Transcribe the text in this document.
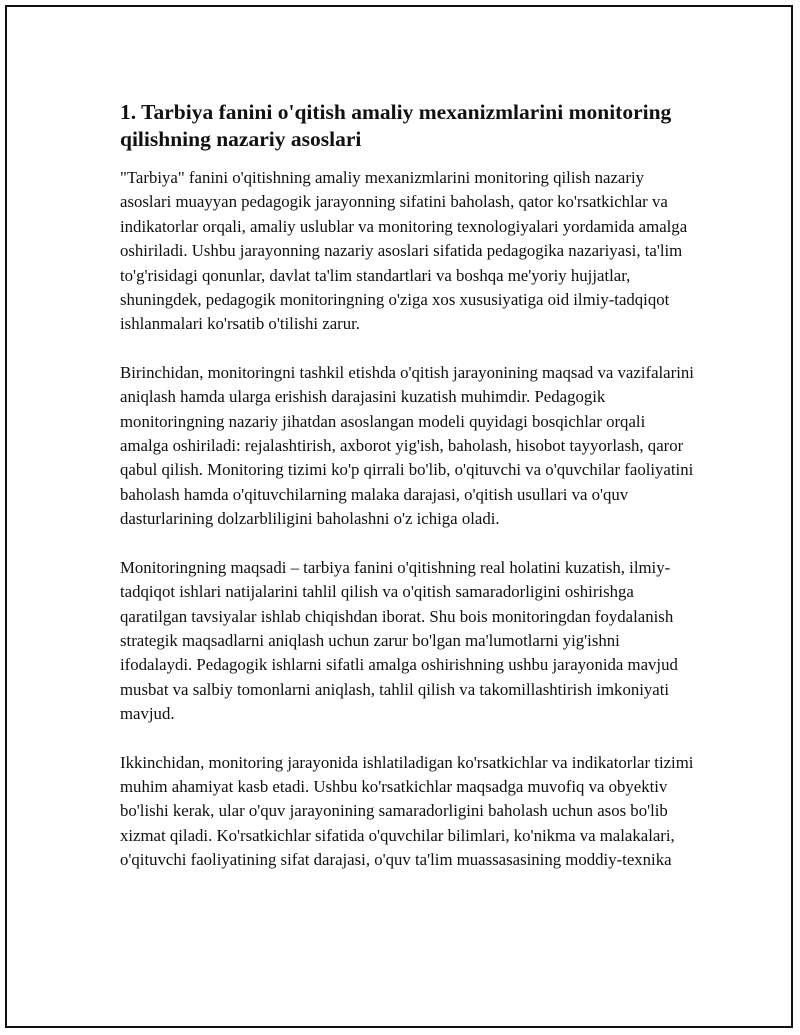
1. Tarbiya fanini o'qitish amaliy mexanizmlarini monitoring qilishning nazariy asoslari

"Tarbiya" fanini o'qitishning amaliy mexanizmlarini monitoring qilish nazariy asoslari muayyan pedagogik jarayonning sifatini baholash, qator ko'rsatkichlar va indikatorlar orqali, amaliy uslublar va monitoring texnologiyalari yordamida amalga oshiriladi. Ushbu jarayonning nazariy asoslari sifatida pedagogika nazariyasi, ta'lim to'g'risidagi qonunlar, davlat ta'lim standartlari va boshqa me'yoriy hujjatlar, shuningdek, pedagogik monitoringning o'ziga xos xususiyatiga oid ilmiy-tadqiqot ishlanmalari ko'rsatib o'tilishi zarur.

Birinchidan, monitoringni tashkil etishda o'qitish jarayonining maqsad va vazifalarini aniqlash hamda ularga erishish darajasini kuzatish muhimdir. Pedagogik monitoringning nazariy jihatdan asoslangan modeli quyidagi bosqichlar orqali amalga oshiriladi: rejalashtirish, axborot yig'ish, baholash, hisobot tayyorlash, qaror qabul qilish. Monitoring tizimi ko'p qirrali bo'lib, o'qituvchi va o'quvchilar faoliyatini baholash hamda o'qituvchilarning malaka darajasi, o'qitish usullari va o'quv dasturlarining dolzarbliligini baholashni o'z ichiga oladi.

Monitoringning maqsadi – tarbiya fanini o'qitishning real holatini kuzatish, ilmiy-tadqiqot ishlari natijalarini tahlil qilish va o'qitish samaradorligini oshirishga qaratilgan tavsiyalar ishlab chiqishdan iborat. Shu bois monitoringdan foydalanish strategik maqsadlarni aniqlash uchun zarur bo'lgan ma'lumotlarni yig'ishni ifodalaydi. Pedagogik ishlarni sifatli amalga oshirishning ushbu jarayonida mavjud musbat va salbiy tomonlarni aniqlash, tahlil qilish va takomillashtirish imkoniyati mavjud.

Ikkinchidan, monitoring jarayonida ishlatiladigan ko'rsatkichlar va indikatorlar tizimi muhim ahamiyat kasb etadi. Ushbu ko'rsatkichlar maqsadga muvofiq va obyektiv bo'lishi kerak, ular o'quv jarayonining samaradorligini baholash uchun asos bo'lib xizmat qiladi. Ko'rsatkichlar sifatida o'quvchilar bilimlari, ko'nikma va malakalari, o'qituvchi faoliyatining sifat darajasi, o'quv ta'lim muassasasining moddiy-texnika
